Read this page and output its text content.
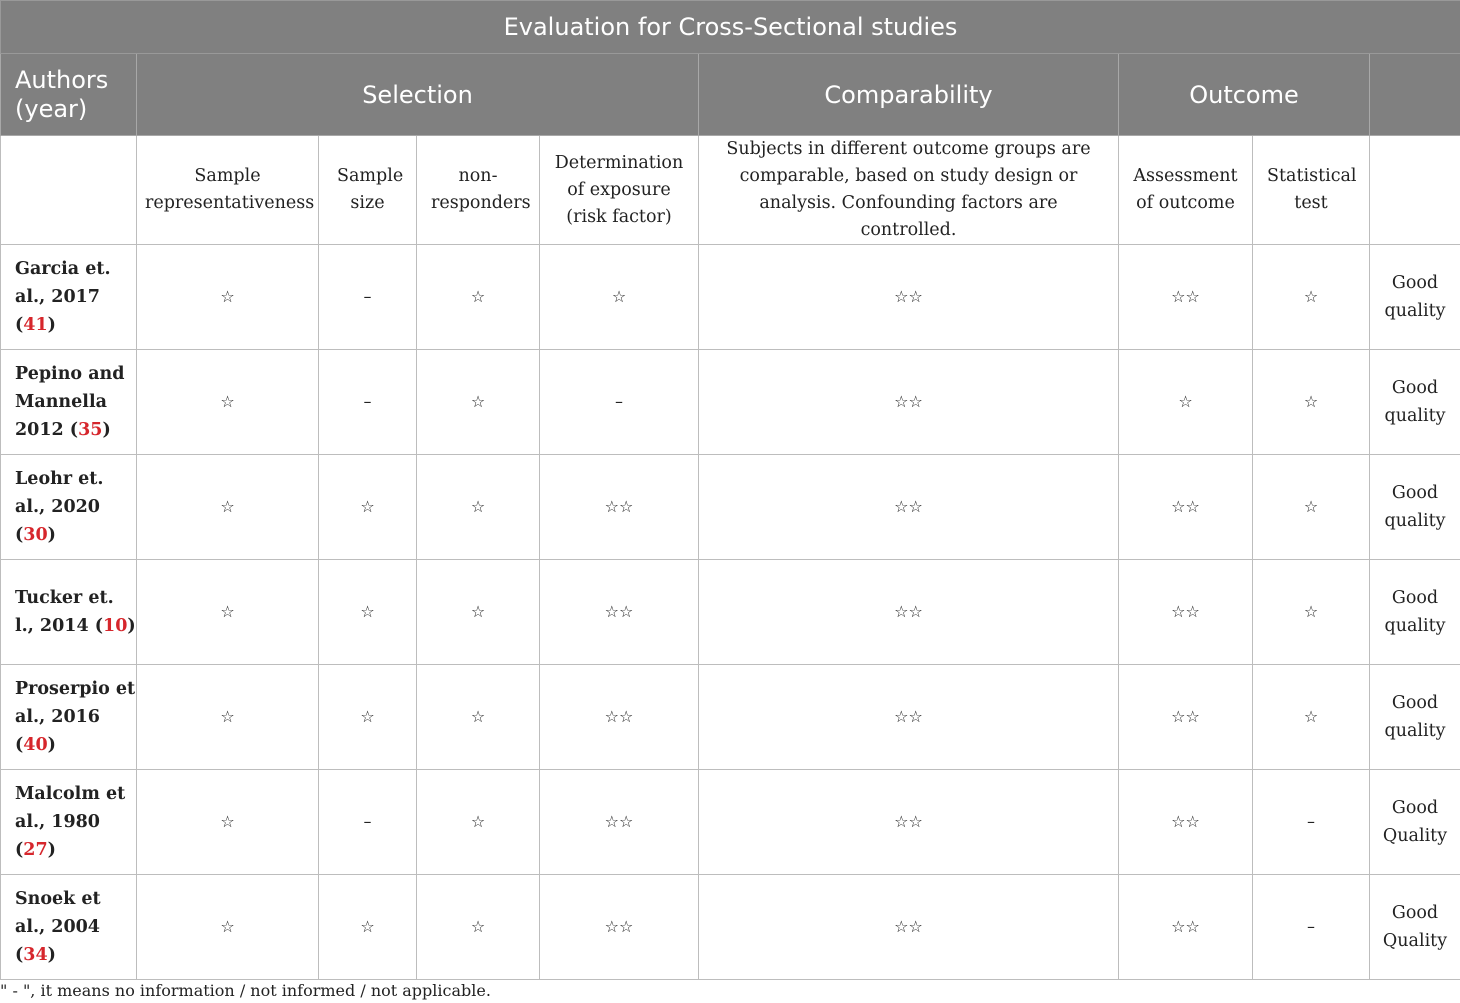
Evaluation for Cross-Sectional studies								
Authors (year)	Selection				Comparability	Outcome		
	Sample representativeness	Sample size	non-responders	Determination of exposure (risk factor)	Subjects in different outcome groups are comparable, based on study design or analysis. Confounding factors are controlled.	Assessment of outcome	Statistical test	
Garcia et. al., 2017 (41)	☆	–	☆	☆	☆☆	☆☆	☆	Good quality
Pepino and Mannella 2012 (35)	☆	–	☆	–	☆☆	☆	☆	Good quality
Leohr et. al., 2020 (30)	☆	☆	☆	☆☆	☆☆	☆☆	☆	Good quality
Tucker et. l., 2014 (10)	☆	☆	☆	☆☆	☆☆	☆☆	☆	Good quality
Proserpio et al., 2016 (40)	☆	☆	☆	☆☆	☆☆	☆☆	☆	Good quality
Malcolm et al., 1980 (27)	☆	–	☆	☆☆	☆☆	☆☆	–	Good Quality
Snoek et al., 2004 (34)	☆	☆	☆	☆☆	☆☆	☆☆	–	Good Quality
" - ", it means no information / not informed / not applicable.
